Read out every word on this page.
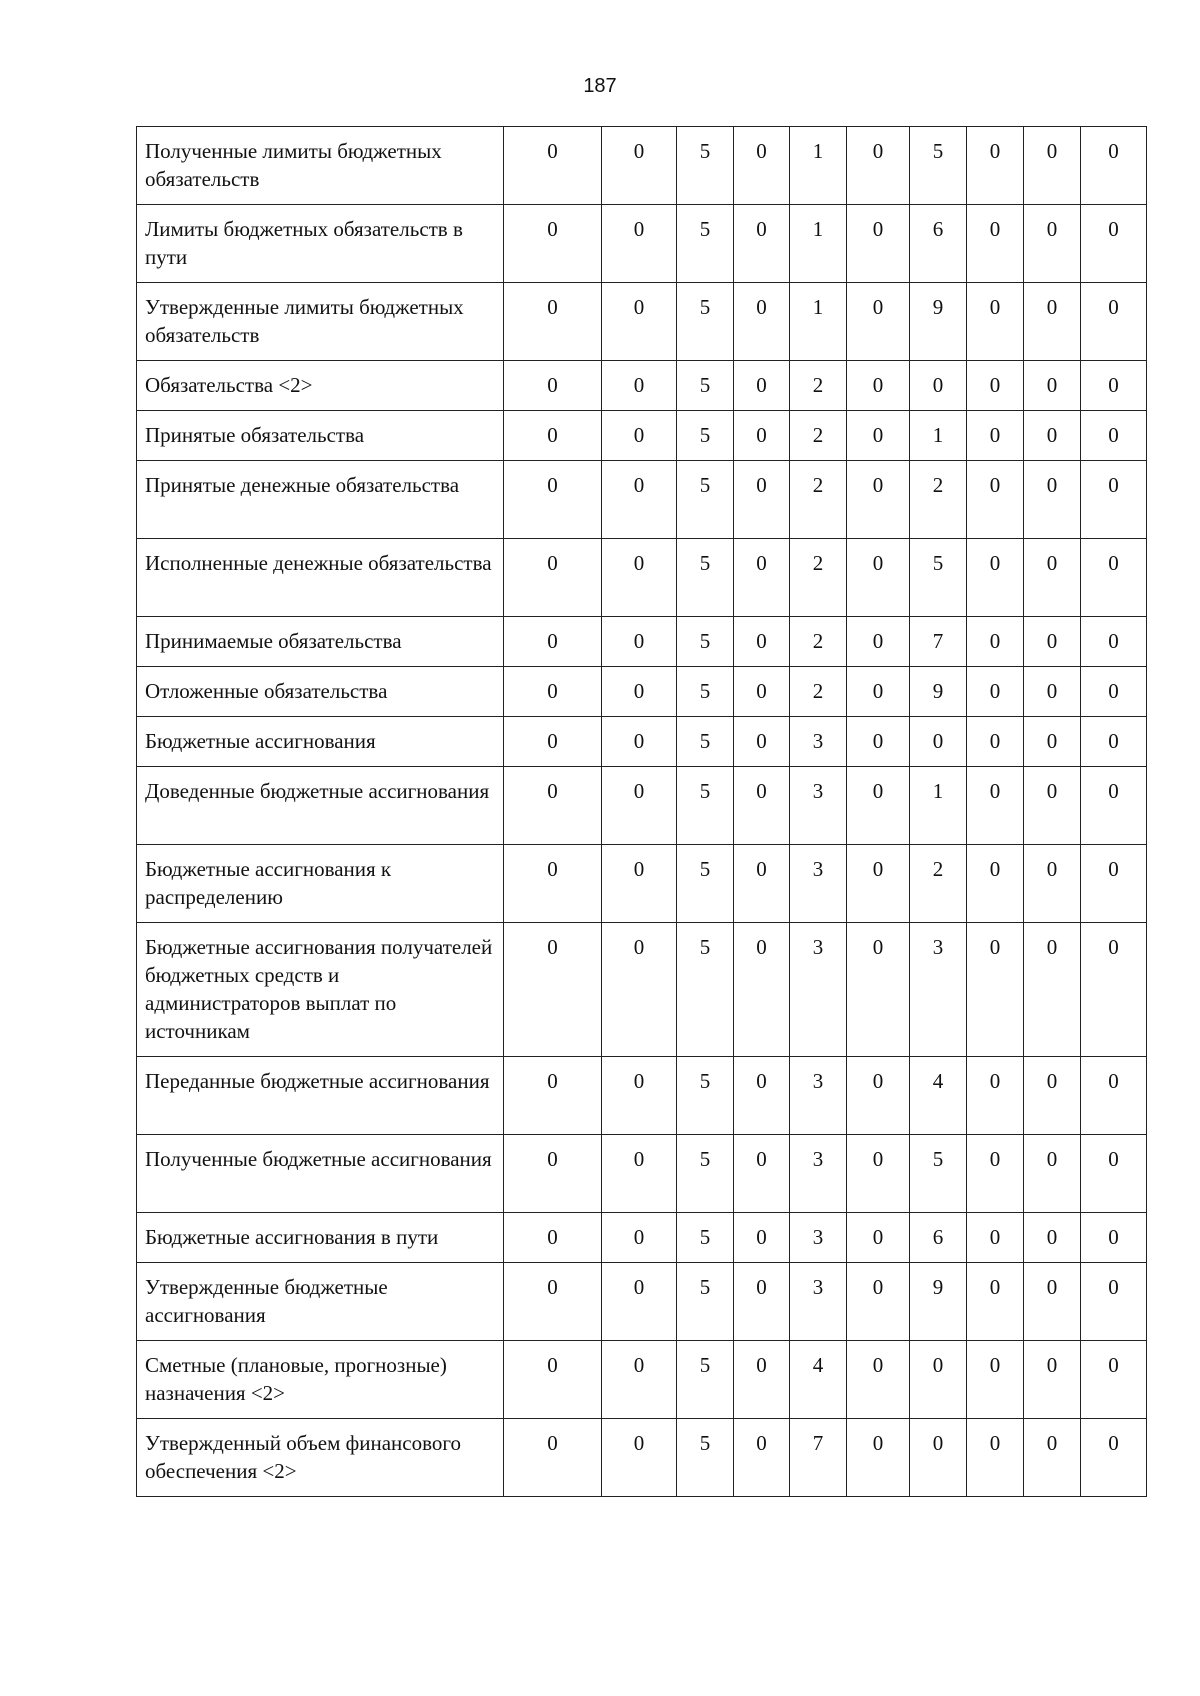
187
Полученные лимиты бюджетных обязательств	0	0	5	0	1	0	5	0	0	0
Лимиты бюджетных обязательств в пути	0	0	5	0	1	0	6	0	0	0
Утвержденные лимиты бюджетных обязательств	0	0	5	0	1	0	9	0	0	0
Обязательства <2>	0	0	5	0	2	0	0	0	0	0
Принятые обязательства	0	0	5	0	2	0	1	0	0	0
Принятые денежные обязательства	0	0	5	0	2	0	2	0	0	0
Исполненные денежные обязательства	0	0	5	0	2	0	5	0	0	0
Принимаемые обязательства	0	0	5	0	2	0	7	0	0	0
Отложенные обязательства	0	0	5	0	2	0	9	0	0	0
Бюджетные ассигнования	0	0	5	0	3	0	0	0	0	0
Доведенные бюджетные ассигнования	0	0	5	0	3	0	1	0	0	0
Бюджетные ассигнования к распределению	0	0	5	0	3	0	2	0	0	0
Бюджетные ассигнования получателей бюджетных средств и администраторов выплат по источникам	0	0	5	0	3	0	3	0	0	0
Переданные бюджетные ассигнования	0	0	5	0	3	0	4	0	0	0
Полученные бюджетные ассигнования	0	0	5	0	3	0	5	0	0	0
Бюджетные ассигнования в пути	0	0	5	0	3	0	6	0	0	0
Утвержденные бюджетные ассигнования	0	0	5	0	3	0	9	0	0	0
Сметные (плановые, прогнозные) назначения <2>	0	0	5	0	4	0	0	0	0	0
Утвержденный объем финансового обеспечения <2>	0	0	5	0	7	0	0	0	0	0
